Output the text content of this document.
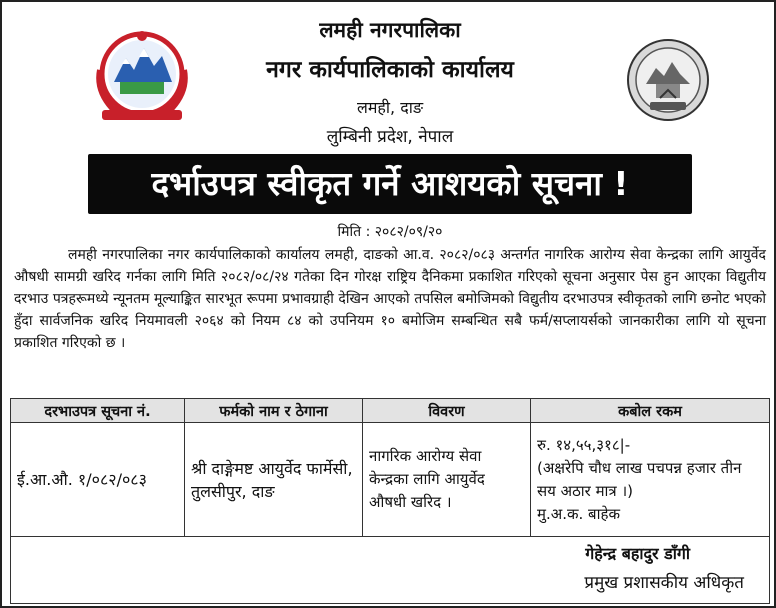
लमही नगरपालिका
नगर कार्यपालिकाको कार्यालय
लमही, दाङ
लुम्बिनी प्रदेश, नेपाल
दर्भाउपत्र स्वीकृत गर्ने आशयको सूचना !
मिति : २०८२/०९/२०

लमही नगरपालिका नगर कार्यपालिकाको कार्यालय लमही, दाङको आ.व. २०८२/०८३ अन्तर्गत नागरिक आरोग्य सेवा केन्द्रका लागि आयुर्वेद औषधी सामग्री खरिद गर्नका लागि मिति २०८२/०८/२४ गतेका दिन गोरक्ष राष्ट्रिय दैनिकमा प्रकाशित गरिएको सूचना अनुसार पेस हुन आएका विद्युतीय दरभाउ पत्रहरूमध्ये न्यूनतम मूल्याङ्कित सारभूत रूपमा प्रभावग्राही देखिन आएको तपसिल बमोजिमको विद्युतीय दरभाउपत्र स्वीकृतको लागि छनोट भएको हुँदा सार्वजनिक खरिद नियमावली २०६४ को नियम ८४ को उपनियम १० बमोजिम सम्बन्धित सबै फर्म/सप्लायर्सको जानकारीका लागि यो सूचना प्रकाशित गरिएको छ ।

दरभाउपत्र सूचना नं.	फर्मको नाम र ठेगाना	विवरण	कबोल रकम
ई.आ.औ. १/०८२/०८३	श्री दाङ्गेमष्ट आयुर्वेद फार्मेसी, तुलसीपुर, दाङ	नागरिक आरोग्य सेवा केन्द्रका लागि आयुर्वेद औषधी खरिद ।	रु. १४,५५,३१८|-
(अक्षरेपि चौध लाख पचपन्न हजार तीन सय अठार मात्र ।)
मु.अ.क. बाहेक
गेहेन्द्र बहादुर डाँगी
प्रमुख प्रशासकीय अधिकृत
